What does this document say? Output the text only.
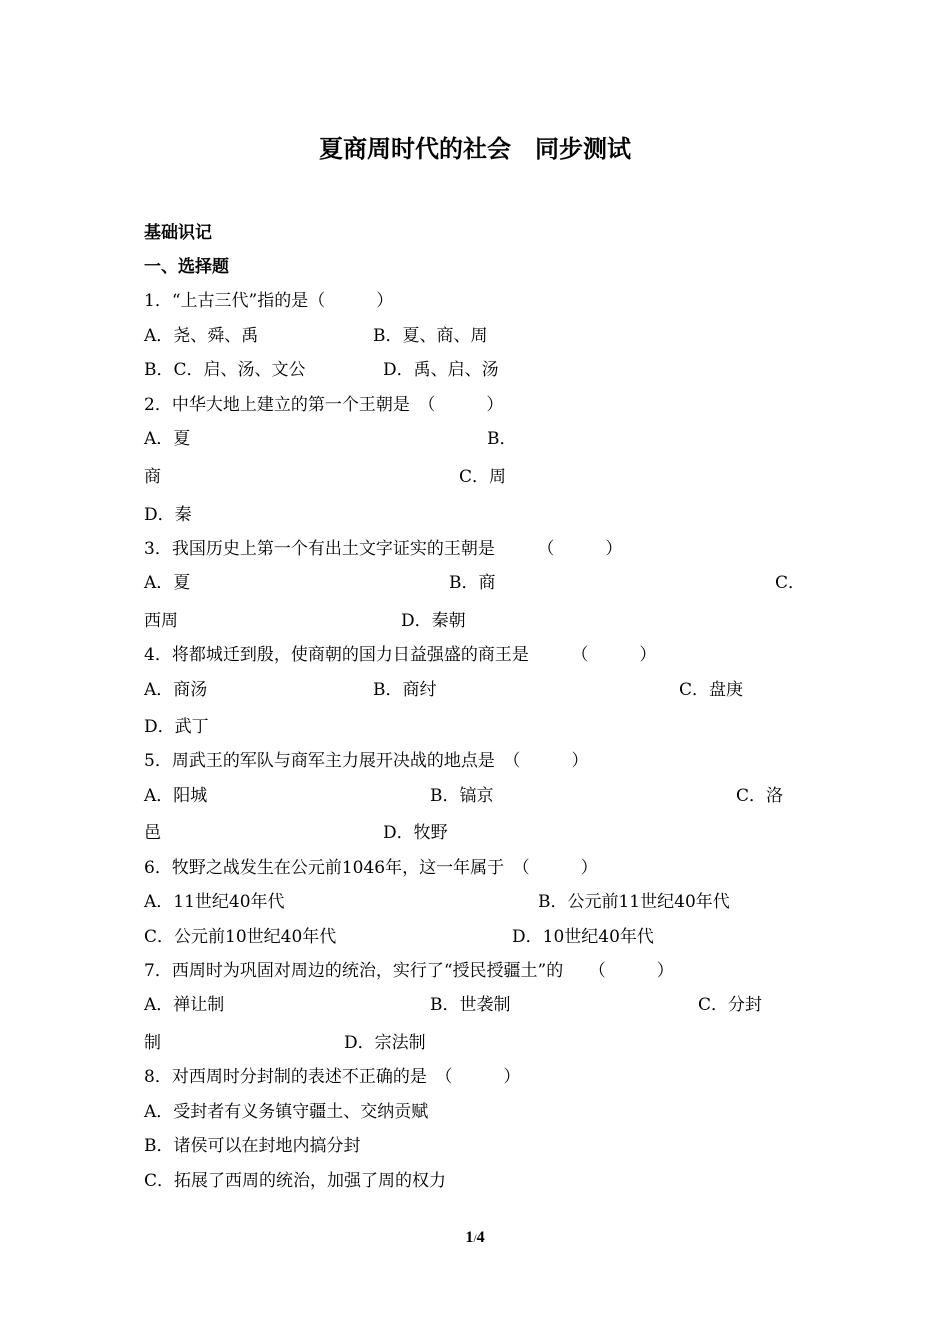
夏商周时代的社会　同步测试
基础识记
一、选择题
1．“上古三代”指的是（　　　）
A．尧、舜、禹	B．夏、商、周
B．C．启、汤、文公	D．禹、启、汤
2．中华大地上建立的第一个王朝是　（　　　）
A．夏	B．
商	C．周
D．秦
3．我国历史上第一个有出土文字证实的王朝是　　　（　　　）
A．夏	B．商	C．
西周	D．秦朝
4．将都城迁到殷，使商朝的国力日益强盛的商王是　　　（　　　）
A．商汤	B．商纣	C．盘庚
D．武丁
5．周武王的军队与商军主力展开决战的地点是　（　　　）
A．阳城	B．镐京	C．洛
邑	D．牧野
6．牧野之战发生在公元前1046年，这一年属于　（　　　）
A．11世纪40年代	B．公元前11世纪40年代
C．公元前10世纪40年代	D．10世纪40年代
7．西周时为巩固对周边的统治，实行了“授民授疆土”的　　（　　　）
A．禅让制	B．世袭制	C．分封
制	D．宗法制
8．对西周时分封制的表述不正确的是　（　　　）
A．受封者有义务镇守疆土、交纳贡赋
B．诸侯可以在封地内搞分封
C．拓展了西周的统治，加强了周的权力
1/4
